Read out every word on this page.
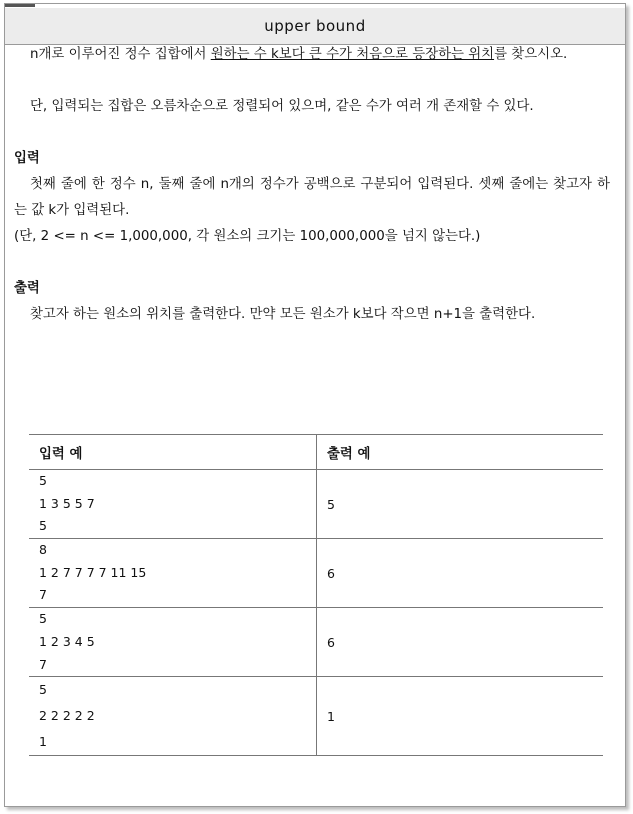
upper bound

n개로 이루어진 정수 집합에서 원하는 수 k보다 큰 수가 처음으로 등장하는 위치를 찾으시오.

단, 입력되는 집합은 오름차순으로 정렬되어 있으며, 같은 수가 여러 개 존재할 수 있다.

입력

첫째 줄에 한 정수 n, 둘째 줄에 n개의 정수가 공백으로 구분되어 입력된다. 셋째 줄에는 찾고자 하는 값 k가 입력된다.

(단, 2 <= n <= 1,000,000, 각 원소의 크기는 100,000,000을 넘지 않는다.)

출력

찾고자 하는 원소의 위치를 출력한다. 만약 모든 원소가 k보다 작으면 n+1을 출력한다.

입력 예	출력 예

5
1 3 5 5 7
5	5

8
1 2 7 7 7 7 11 15
7	6

5
1 2 3 4 5
7	6

5
2 2 2 2 2
1	1
